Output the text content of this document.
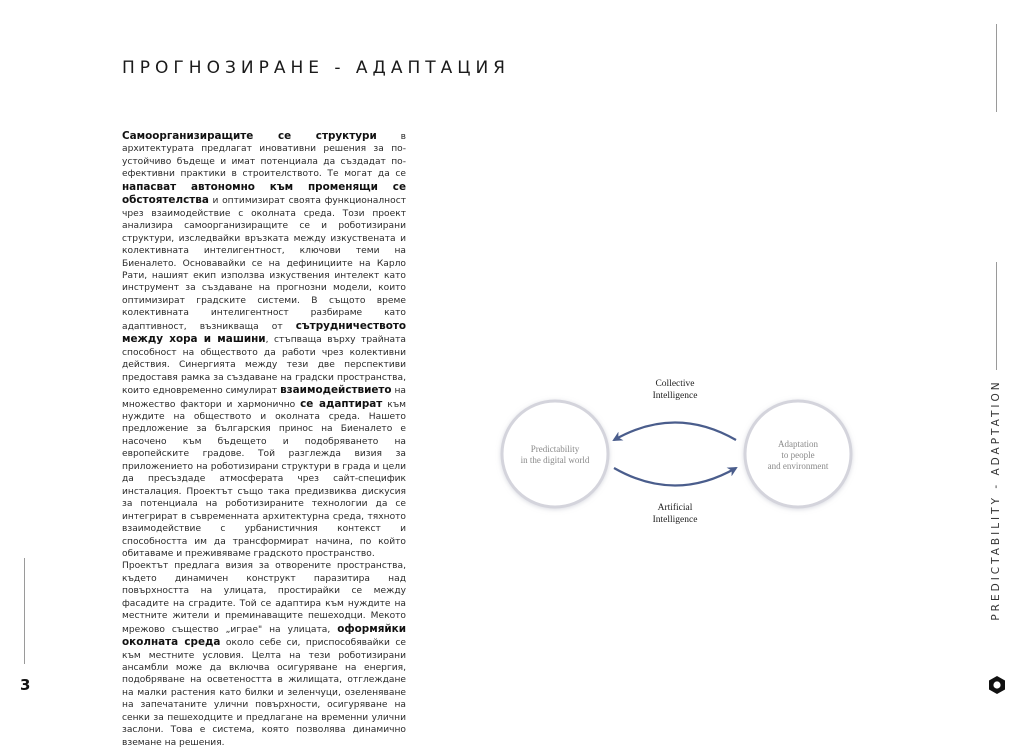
ПРОГНОЗИРАНЕ - АДАПТАЦИЯ

Самоорганизиращите се структури в архитектурата предлагат иновативни решения за по-устойчиво бъдеще и имат потенциала да създадат по- ефективни практики в строителството. Те могат да се напасват автономно към променящи се обстоятелства и оптимизират своята функционалност чрез взаимодействие с околната среда. Този проект анализира самоорганизиращите се и роботизирани структури, изследвайки връзката между изкуствената и колективната интелигентност, ключови теми на Биеналето. Основавайки се на дефинициите на Карло Рати, нашият екип използва изкуствения интелект като инструмент за създаване на прогнозни модели, които оптимизират градските системи. В същото време колективната интелигентност разбираме като адаптивност, възникваща от сътрудничеството между хора и машини, стъпваща върху трайната способност на обществото да работи чрез колективни действия. Синергията между тези две перспективи предоставя рамка за създаване на градски пространства, които едновременно симулират взаимодействието на множество фактори и хармонично се адаптират към нуждите на обществото и околната среда. Нашето предложение за българския принос на Биеналето е насочено към бъдещето и подобряването на европейските градове. Той разглежда визия за приложението на роботизирани структури в града и цели да пресъздаде атмосферата чрез сайт-специфик инсталация. Проектът също така предизвиква дискусия за потенциала на роботизираните технологии да се интегрират в съвременната архитектурна среда, тяхното взаимодействие с урбанистичния контекст и способността им да трансформират начина, по който обитаваме и преживяваме градското пространство.

Проектът предлага визия за отворените пространства, където динамичен конструкт паразитира над повърхността на улицата, простирайки се между фасадите на сградите. Той се адаптира към нуждите на местните жители и преминаващите пешеходци. Мекото мрежово същество „играе" на улицата, оформяйки околната среда около себе си, приспособявайки се към местните условия. Целта на тези роботизирани ансамбли може да включва осигуряване на енергия, подобряване на осветеността в жилищата, отглеждане на малки растения като билки и зеленчуци, озеленяване на запечатаните улични повърхности, осигуряване на сенки за пешеходците и предлагане на временни улични заслони. Това е система, която позволява динамично вземане на решения.

Predictability
in the digital world
Adaptation
to people
and environment
Collective
Intelligence
Artificial
Intelligence	PREDICTABILITY - ADAPTATION
3
